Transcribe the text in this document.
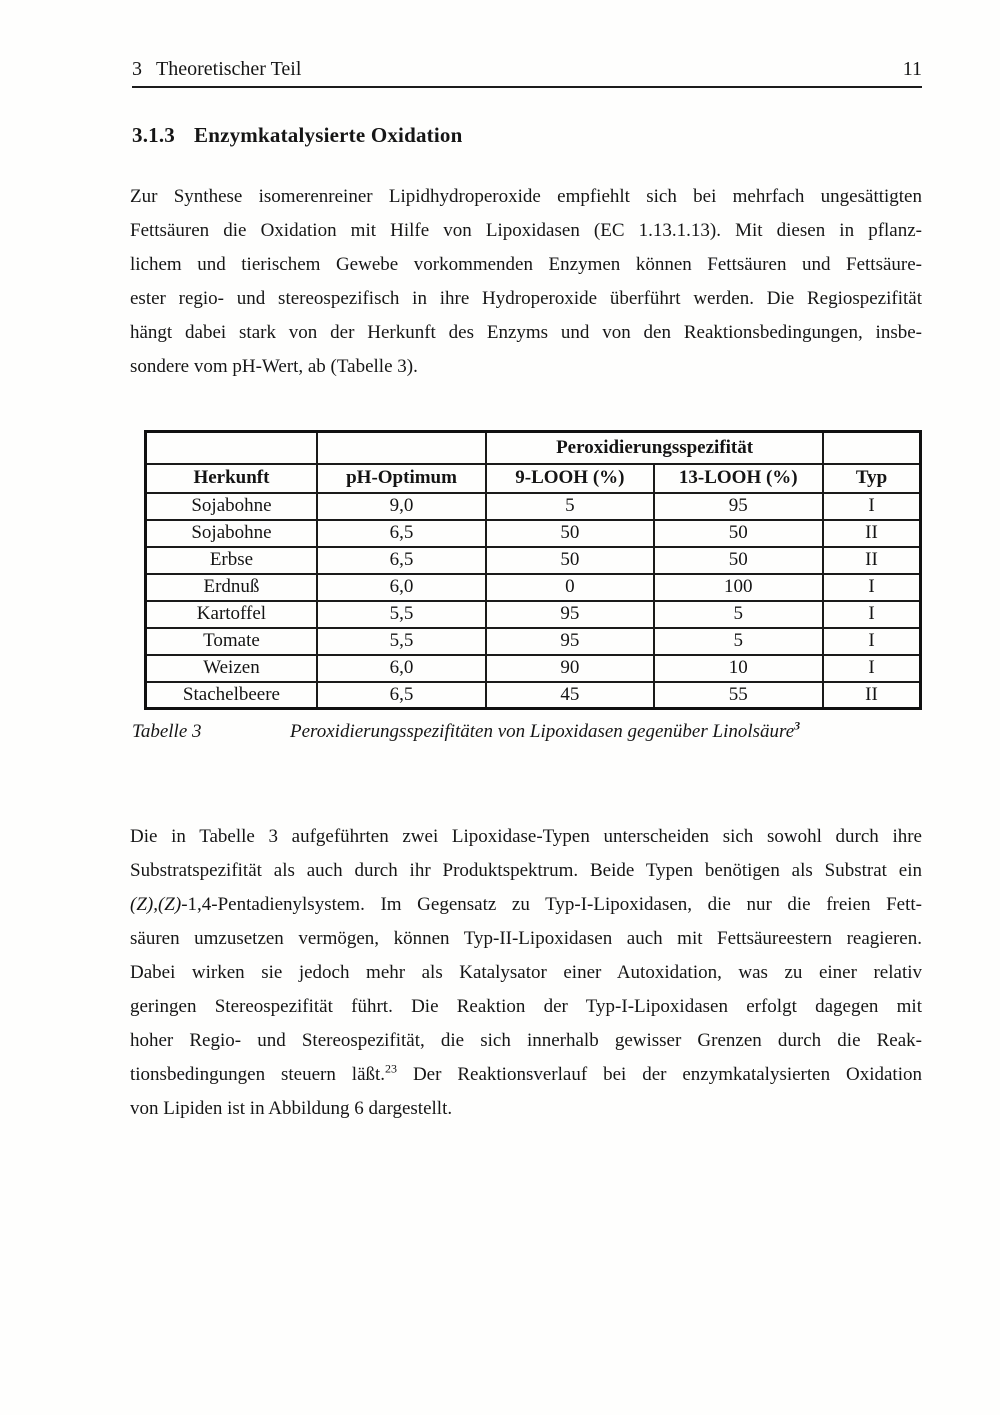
3 Theoretischer Teil	11
3.1.3 Enzymkatalysierte Oxidation
Zur Synthese isomerenreiner Lipidhydroperoxide empfiehlt sich bei mehrfach ungesättigten
Fettsäuren die Oxidation mit Hilfe von Lipoxidasen (EC 1.13.1.13). Mit diesen in pflanz-
lichem und tierischem Gewebe vorkommenden Enzymen können Fettsäuren und Fettsäure-
ester regio- und stereospezifisch in ihre Hydroperoxide überführt werden. Die Regiospezifität
hängt dabei stark von der Herkunft des Enzyms und von den Reaktionsbedingungen, insbe-
sondere vom pH-Wert, ab (Tabelle 3).
		Peroxidierungsspezifität		
Herkunft	pH-Optimum	9-LOOH (%)	13-LOOH (%)	Typ
Sojabohne	9,0	5	95	I
Sojabohne	6,5	50	50	II
Erbse	6,5	50	50	II
Erdnuß	6,0	0	100	I
Kartoffel	5,5	95	5	I
Tomate	5,5	95	5	I
Weizen	6,0	90	10	I
Stachelbeere	6,5	45	55	II
Tabelle 3	Peroxidierungsspezifitäten von Lipoxidasen gegenüber Linolsäure$^3$
Die in Tabelle 3 aufgeführten zwei Lipoxidase-Typen unterscheiden sich sowohl durch ihre
Substratspezifität als auch durch ihr Produktspektrum. Beide Typen benötigen als Substrat ein
(Z),(Z)-1,4-Pentadienylsystem. Im Gegensatz zu Typ-I-Lipoxidasen, die nur die freien Fett-
säuren umzusetzen vermögen, können Typ-II-Lipoxidasen auch mit Fettsäureestern reagieren.
Dabei wirken sie jedoch mehr als Katalysator einer Autoxidation, was zu einer relativ
geringen Stereospezifität führt. Die Reaktion der Typ-I-Lipoxidasen erfolgt dagegen mit
hoher Regio- und Stereospezifität, die sich innerhalb gewisser Grenzen durch die Reak-
tionsbedingungen steuern läßt.$^{23}$ Der Reaktionsverlauf bei der enzymkatalysierten Oxidation
von Lipiden ist in Abbildung 6 dargestellt.
